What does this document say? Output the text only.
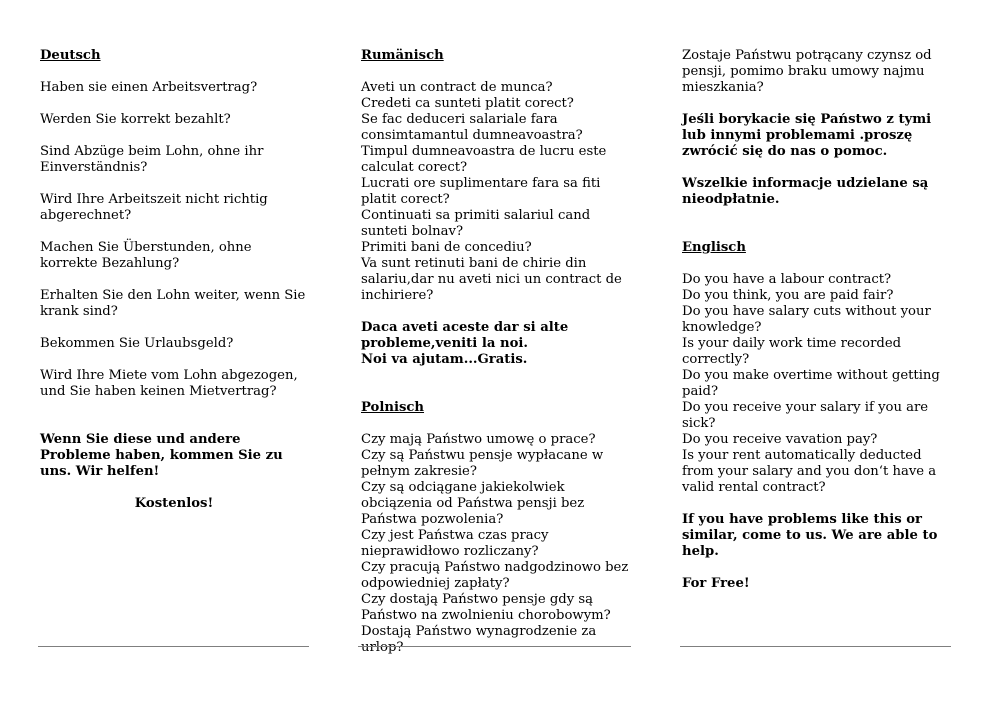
Deutsch

Haben sie einen Arbeitsvertrag?

Werden Sie korrekt bezahlt?

Sind Abzüge beim Lohn, ohne ihr Einverständnis?

Wird Ihre Arbeitszeit nicht richtig abgerechnet?

Machen Sie Überstunden, ohne korrekte Bezahlung?

Erhalten Sie den Lohn weiter, wenn Sie krank sind?

Bekommen Sie Urlaubsgeld?

Wird Ihre Miete vom Lohn abgezogen, und Sie haben keinen Mietvertrag?

Wenn Sie diese und andere Probleme haben, kommen Sie zu uns. Wir helfen!

Kostenlos!

Rumänisch

Aveti un contract de munca?

Credeti ca sunteti platit corect?

Se fac deduceri salariale fara consimtamantul dumneavoastra?

Timpul dumneavoastra de lucru este calculat corect?

Lucrati ore suplimentare fara sa fiti platit corect?

Continuati sa primiti salariul cand sunteti bolnav?

Primiti bani de concediu?

Va sunt retinuti bani de chirie din salariu,dar nu aveti nici un contract de inchiriere?

Daca aveti aceste dar si alte probleme,veniti la noi.

Noi va ajutam...Gratis.

Polnisch

Czy mają Państwo umowę o prace?

Czy są Państwu pensje wypłacane w pełnym zakresie?

Czy są odciągane jakiekolwiek obciązenia od Państwa pensji bez Państwa pozwolenia?

Czy jest Państwa czas pracy nieprawidłowo rozliczany?

Czy pracują Państwo nadgodzinowo bez odpowiedniej zapłaty?

Czy dostają Państwo pensje gdy są Państwo na zwolnieniu chorobowym?

Dostają Państwo wynagrodzenie za urlop?

Zostaje Państwu potrącany czynsz od pensji, pomimo braku umowy najmu mieszkania?

Jeśli borykacie się Państwo z tymi lub innymi problemami .proszę zwrócić się do nas o pomoc.

Wszelkie informacje udzielane są nieodpłatnie.

Englisch

Do you have a labour contract?

Do you think, you are paid fair?

Do you have salary cuts without your knowledge?

Is your daily work time recorded correctly?

Do you make overtime without getting paid?

Do you receive your salary if you are sick?

Do you receive vavation pay?

Is your rent automatically deducted from your salary and you don‘t have a valid rental contract?

If you have problems like this or similar, come to us. We are able to help.

For Free!
